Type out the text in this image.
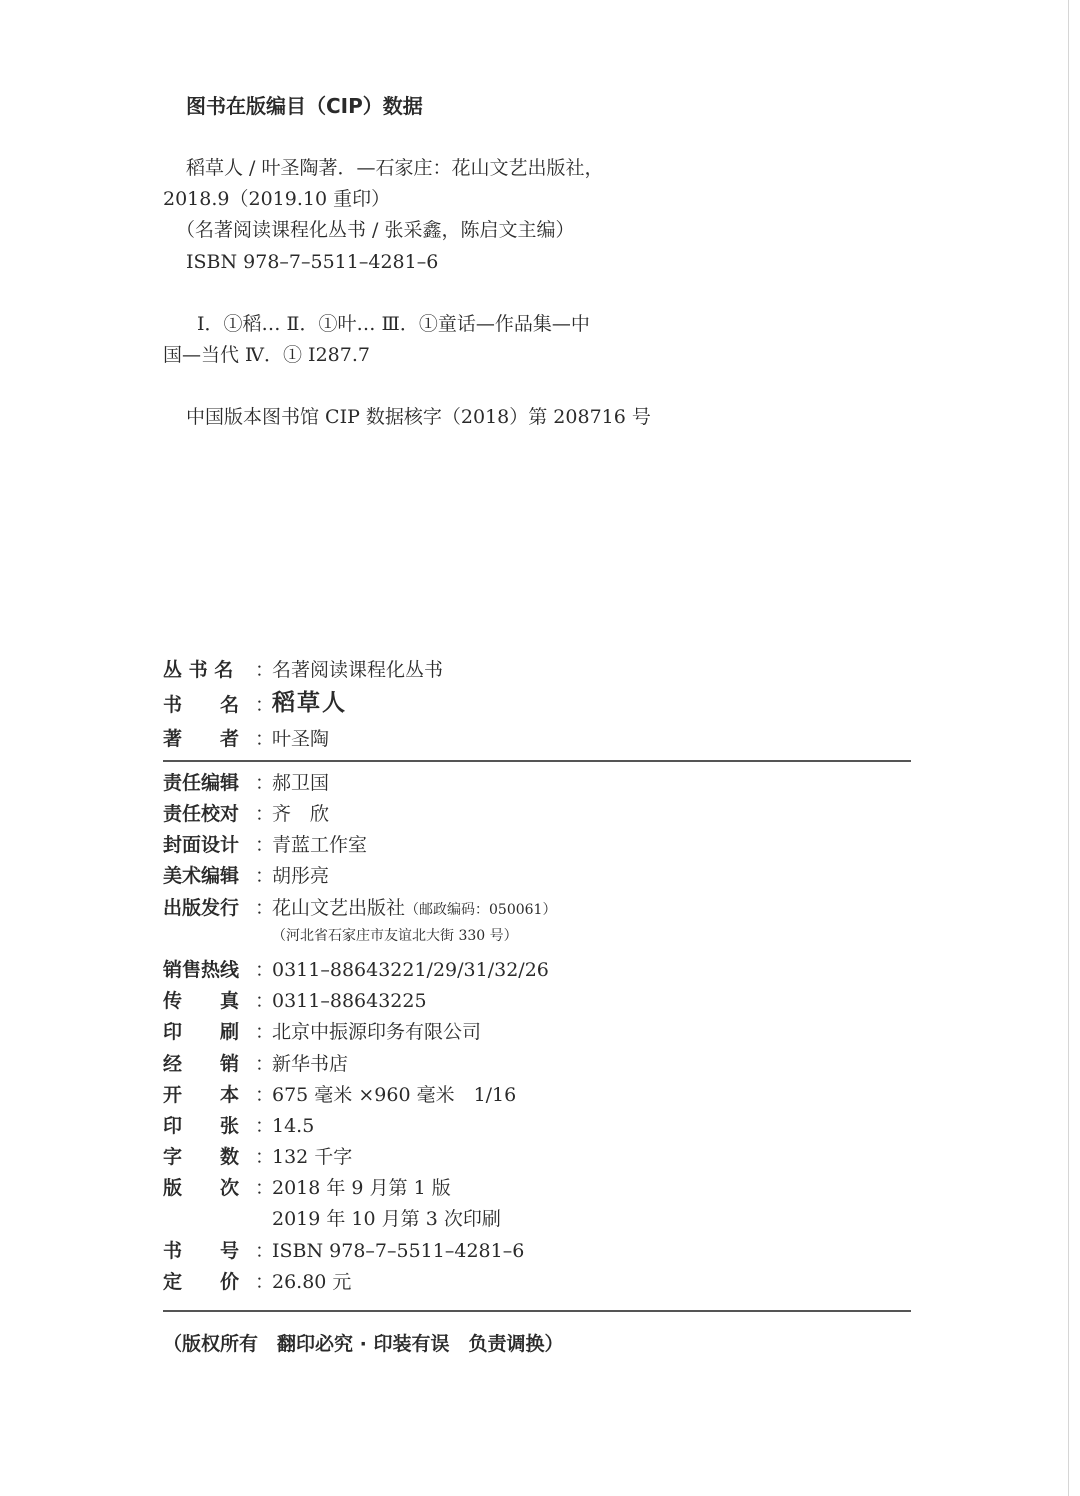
图书在版编目（CIP）数据
稻草人 / 叶圣陶著．—石家庄：花山文艺出版社，
2018.9（2019.10 重印）
（名著阅读课程化丛书 / 张采鑫，陈启文主编）
ISBN 978–7–5511–4281–6
Ⅰ．①稻… Ⅱ．①叶… Ⅲ．①童话—作品集—中
国—当代 Ⅳ．① I287.7
中国版本图书馆 CIP 数据核字（2018）第 208716 号
丛 书 名 ：
名著阅读课程化丛书
书　　名 ：
稻草人
著　　者 ：
叶圣陶
责任编辑 ：
郝卫国
责任校对 ：
齐　欣
封面设计 ：
青蓝工作室
美术编辑 ：
胡彤亮
出版发行 ：
花山文艺出版社（邮政编码：050061）
（河北省石家庄市友谊北大街 330 号）
销售热线 ：
0311–88643221/29/31/32/26
传　　真 ：
0311–88643225
印　　刷 ：
北京中振源印务有限公司
经　　销 ：
新华书店
开　　本 ：
675 毫米 ×960 毫米　1/16
印　　张 ：
14.5
字　　数 ：
132 千字
版　　次 ：
2018 年 9 月第 1 版
2019 年 10 月第 3 次印刷
书　　号 ：
ISBN 978–7–5511–4281–6
定　　价 ：
26.80 元
（版权所有　翻印必究 · 印装有误　负责调换）
